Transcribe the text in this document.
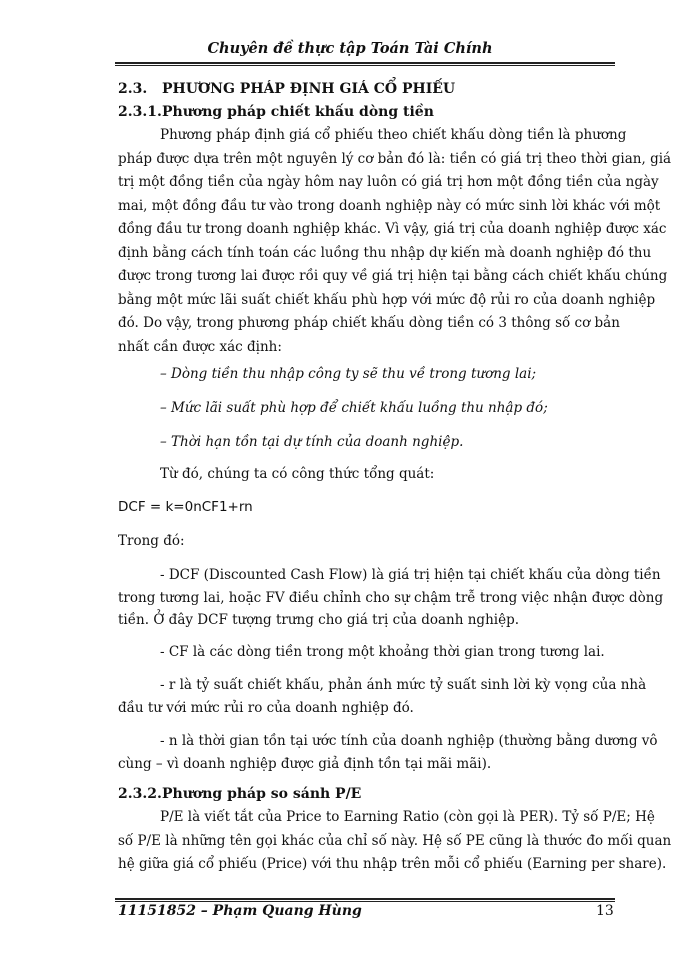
Chuyên đề thực tập Toán Tài Chính
2.3. PHƯƠNG PHÁP ĐỊNH GIÁ CỔ PHIẾU
2.3.1. Phương pháp chiết khấu dòng tiền
Phương pháp định giá cổ phiếu theo chiết khấu dòng tiền là phương
pháp được dựa trên một nguyên lý cơ bản đó là: tiền có giá trị theo thời gian, giá
trị một đồng tiền của ngày hôm nay luôn có giá trị hơn một đồng tiền của ngày
mai, một đồng đầu tư vào trong doanh nghiệp này có mức sinh lời khác với một
đồng đầu tư trong doanh nghiệp khác. Vì vậy, giá trị của doanh nghiệp được xác
định bằng cách tính toán các luồng thu nhập dự kiến mà doanh nghiệp đó thu
được trong tương lai được rồi quy về giá trị hiện tại bằng cách chiết khấu chúng
bằng một mức lãi suất chiết khấu phù hợp với mức độ rủi ro của doanh nghiệp
đó. Do vậy, trong phương pháp chiết khấu dòng tiền có 3 thông số cơ bản
nhất cần được xác định:
– Dòng tiền thu nhập công ty sẽ thu về trong tương lai;
– Mức lãi suất phù hợp để chiết khấu luồng thu nhập đó;
– Thời hạn tồn tại dự tính của doanh nghiệp.
Từ đó, chúng ta có công thức tổng quát:
DCF = k=0nCF1+rn
Trong đó:
- DCF (Discounted Cash Flow) là giá trị hiện tại chiết khấu của dòng tiền
trong tương lai, hoặc FV điều chỉnh cho sự chậm trễ trong việc nhận được dòng
tiền. Ở đây DCF tượng trưng cho giá trị của doanh nghiệp.
- CF là các dòng tiền trong một khoảng thời gian trong tương lai.
- r là tỷ suất chiết khấu, phản ánh mức tỷ suất sinh lời kỳ vọng của nhà
đầu tư với mức rủi ro của doanh nghiệp đó.
- n là thời gian tồn tại ước tính của doanh nghiệp (thường bằng dương vô
cùng – vì doanh nghiệp được giả định tồn tại mãi mãi).
2.3.2. Phương pháp so sánh P/E
P/E là viết tắt của Price to Earning Ratio (còn gọi là PER). Tỷ số P/E; Hệ
số P/E là những tên gọi khác của chỉ số này. Hệ số PE cũng là thước đo mối quan
hệ giữa giá cổ phiếu (Price) với thu nhập trên mỗi cổ phiếu (Earning per share).
11151852 – Phạm Quang Hùng	13
